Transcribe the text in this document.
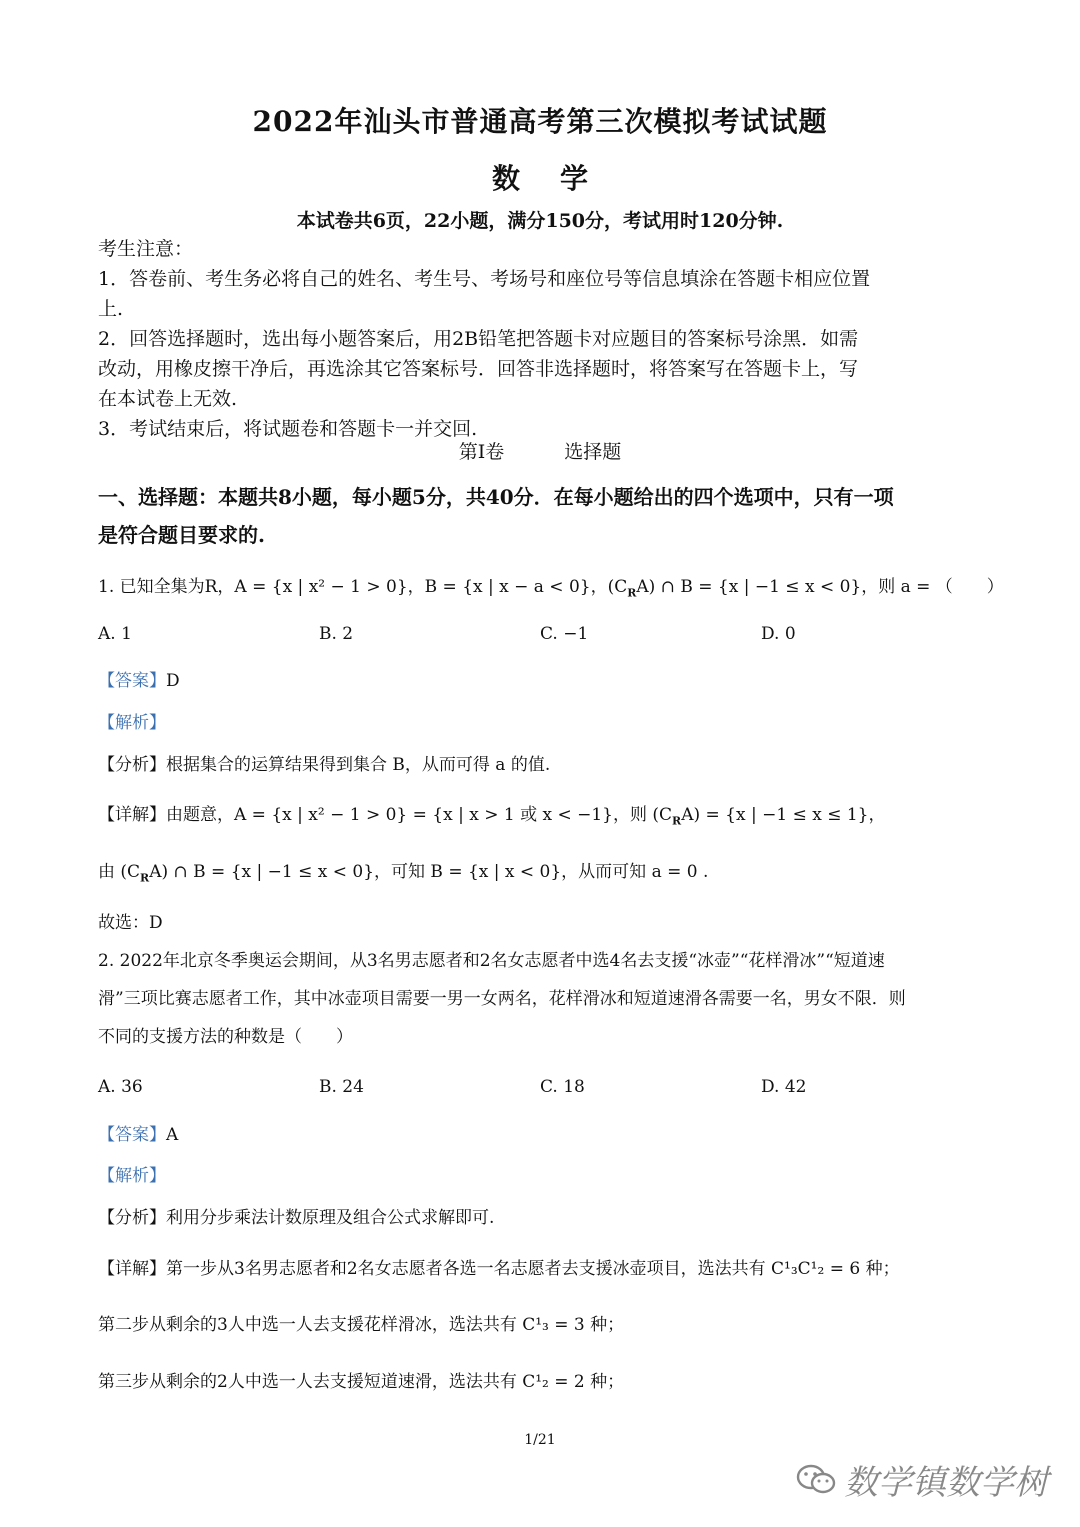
2022年汕头市普通高考第三次模拟考试试题
数学
本试卷共6页，22小题，满分150分，考试用时120分钟.
考生注意：
1．答卷前、考生务必将自己的姓名、考生号、考场号和座位号等信息填涂在答题卡相应位置
上.
2．回答选择题时，选出每小题答案后，用2B铅笔把答题卡对应题目的答案标号涂黑．如需
改动，用橡皮擦干净后，再选涂其它答案标号．回答非选择题时，将答案写在答题卡上，写
在本试卷上无效.
3．考试结束后，将试题卷和答题卡一并交回.
第Ⅰ卷	选择题
一、选择题：本题共8小题，每小题5分，共40分．在每小题给出的四个选项中，只有一项
是符合题目要求的.
1. 已知全集为R，A = {x | x² − 1 > 0}，B = {x | x − a < 0}，$(C_RA)$ ∩ B = {x | −1 ≤ x < 0}，则 a = （　　）
A. 1	B. 2	C. −1	D. 0
【答案】D
【解析】
【分析】根据集合的运算结果得到集合 B，从而可得 a 的值.
【详解】由题意，A = {x | x² − 1 > 0} = {x | x > 1 或 x < −1}，则 $(C_RA) = \{x$ | −1 ≤ x ≤ 1}，
由 $(C_RA)$ ∩ B = {x | −1 ≤ x < 0}，可知 B = {x | x < 0}，从而可知 a = 0 .
故选：D
2. 2022年北京冬季奥运会期间，从3名男志愿者和2名女志愿者中选4名去支援“冰壶”“花样滑冰”“短道速
滑”三项比赛志愿者工作，其中冰壶项目需要一男一女两名，花样滑冰和短道速滑各需要一名，男女不限．则
不同的支援方法的种数是（　　）
A. 36	B. 24	C. 18	D. 42
【答案】A
【解析】
【分析】利用分步乘法计数原理及组合公式求解即可.
【详解】第一步从3名男志愿者和2名女志愿者各选一名志愿者去支援冰壶项目，选法共有 C¹₃C¹₂ = 6 种；
第二步从剩余的3人中选一人去支援花样滑冰，选法共有 C¹₃ = 3 种；
第三步从剩余的2人中选一人去支援短道速滑，选法共有 C¹₂ = 2 种；
1/21
数学镇数学树
